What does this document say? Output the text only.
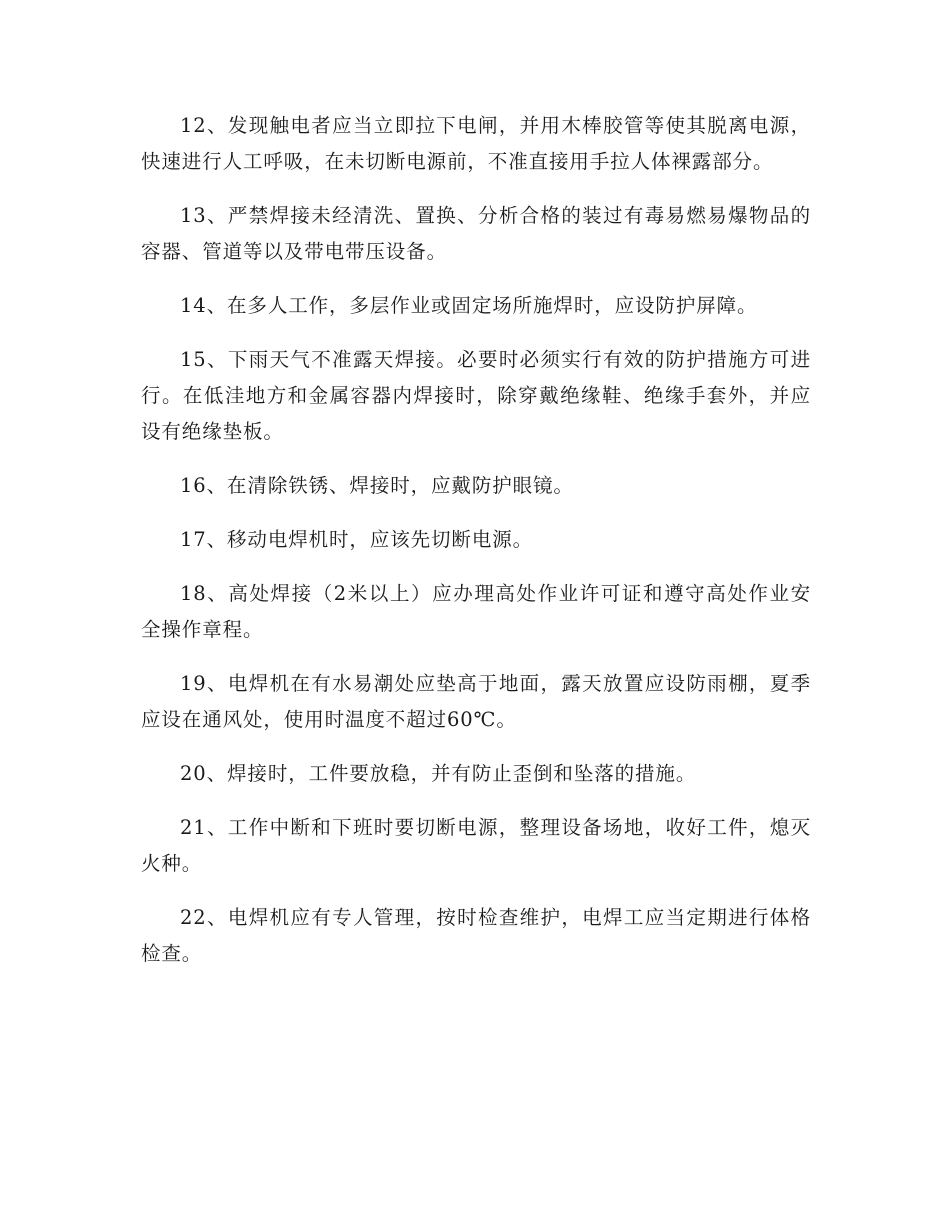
12、发现触电者应当立即拉下电闸，并用木棒胶管等使其脱离电源，快速进行人工呼吸，在未切断电源前，不准直接用手拉人体裸露部分。

13、严禁焊接未经清洗、置换、分析合格的装过有毒易燃易爆物品的容器、管道等以及带电带压设备。

14、在多人工作，多层作业或固定场所施焊时，应设防护屏障。

15、下雨天气不准露天焊接。必要时必须实行有效的防护措施方可进行。在低洼地方和金属容器内焊接时，除穿戴绝缘鞋、绝缘手套外，并应设有绝缘垫板。

16、在清除铁锈、焊接时，应戴防护眼镜。

17、移动电焊机时，应该先切断电源。

18、高处焊接（2米以上）应办理高处作业许可证和遵守高处作业安全操作章程。

19、电焊机在有水易潮处应垫高于地面，露天放置应设防雨棚，夏季应设在通风处，使用时温度不超过60℃。

20、焊接时，工件要放稳，并有防止歪倒和坠落的措施。

21、工作中断和下班时要切断电源，整理设备场地，收好工件，熄灭火种。

22、电焊机应有专人管理，按时检查维护，电焊工应当定期进行体格检查。
